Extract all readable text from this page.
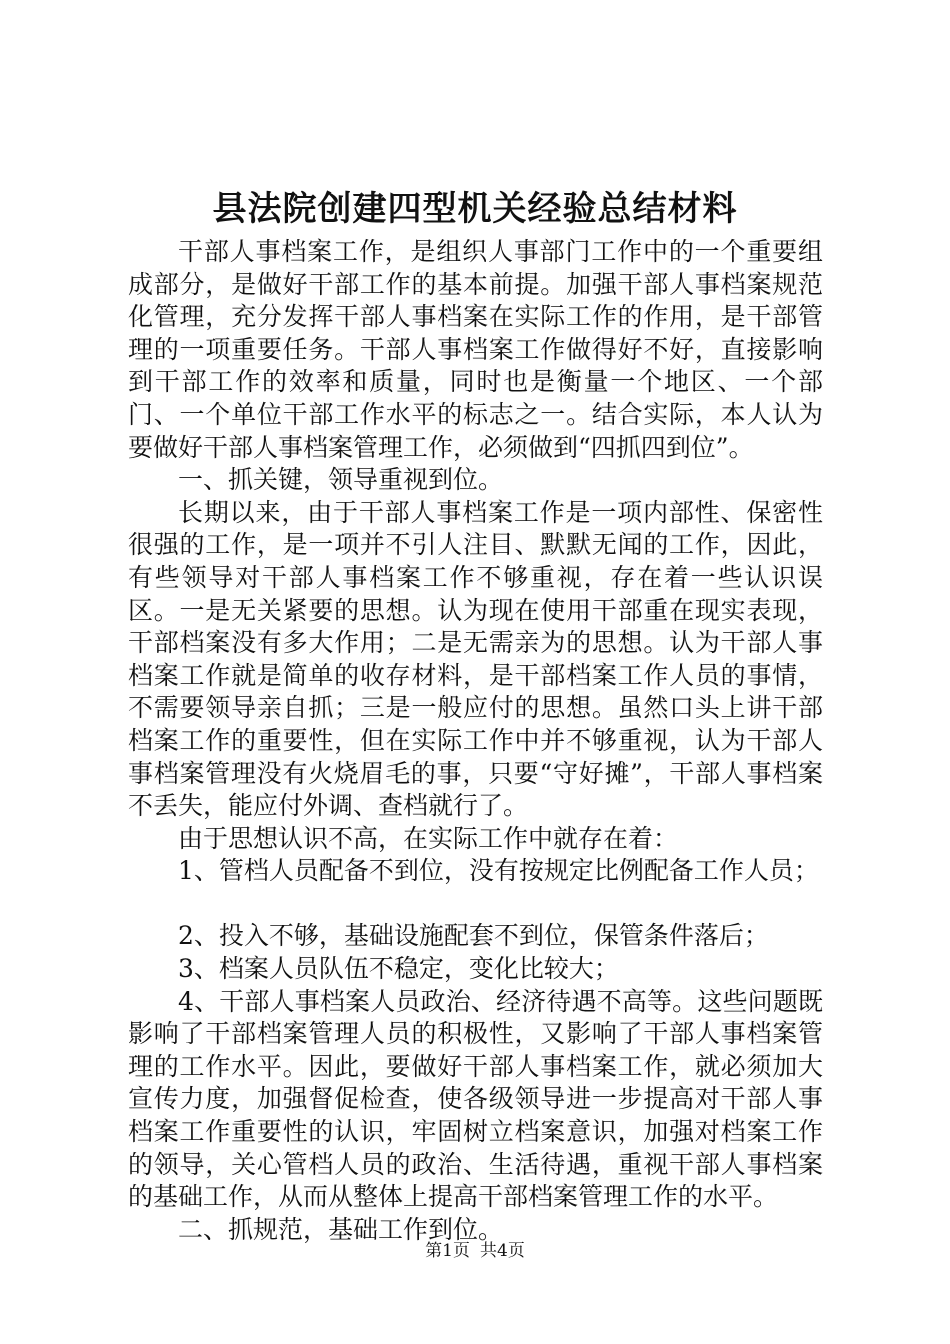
县法院创建四型机关经验总结材料

干部人事档案工作，是组织人事部门工作中的一个重要组成部分，是做好干部工作的基本前提。加强干部人事档案规范化管理，充分发挥干部人事档案在实际工作的作用，是干部管理的一项重要任务。干部人事档案工作做得好不好，直接影响到干部工作的效率和质量，同时也是衡量一个地区、一个部门、一个单位干部工作水平的标志之一。结合实际，本人认为要做好干部人事档案管理工作，必须做到“四抓四到位”。

一、抓关键，领导重视到位。

长期以来，由于干部人事档案工作是一项内部性、保密性很强的工作，是一项并不引人注目、默默无闻的工作，因此，有些领导对干部人事档案工作不够重视，存在着一些认识误区。一是无关紧要的思想。认为现在使用干部重在现实表现，干部档案没有多大作用；二是无需亲为的思想。认为干部人事档案工作就是简单的收存材料，是干部档案工作人员的事情，不需要领导亲自抓；三是一般应付的思想。虽然口头上讲干部档案工作的重要性，但在实际工作中并不够重视，认为干部人事档案管理没有火烧眉毛的事，只要“守好摊”，干部人事档案不丢失，能应付外调、查档就行了。

由于思想认识不高，在实际工作中就存在着：

1、管档人员配备不到位，没有按规定比例配备工作人员；

2、投入不够，基础设施配套不到位，保管条件落后；

3、档案人员队伍不稳定，变化比较大；

4、干部人事档案人员政治、经济待遇不高等。这些问题既影响了干部档案管理人员的积极性，又影响了干部人事档案管理的工作水平。因此，要做好干部人事档案工作，就必须加大宣传力度，加强督促检查，使各级领导进一步提高对干部人事档案工作重要性的认识，牢固树立档案意识，加强对档案工作的领导，关心管档人员的政治、生活待遇，重视干部人事档案的基础工作，从而从整体上提高干部档案管理工作的水平。

二、抓规范，基础工作到位。

第1页 共4页
